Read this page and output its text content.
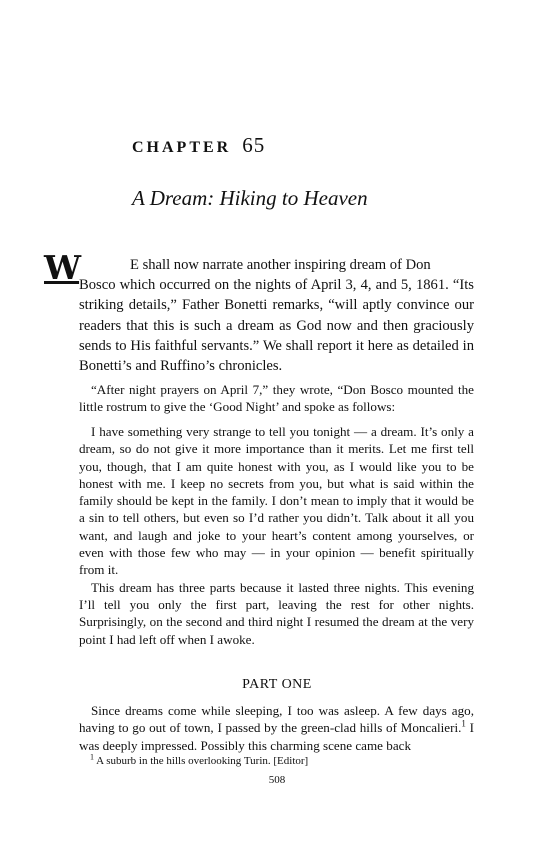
CHAPTER 65
A Dream: Hiking to Heaven
W	E shall now narrate another inspiring dream of Don
Bosco which occurred on the nights of April 3, 4, and 5, 1861. “Its striking details,” Father Bonetti remarks, “will aptly convince our readers that this is such a dream as God now and then graciously sends to His faithful servants.” We shall report it here as detailed in Bonetti’s and Ruffino’s chronicles.

“After night prayers on April 7,” they wrote, “Don Bosco mounted the little rostrum to give the ‘Good Night’ and spoke as follows:

I have something very strange to tell you tonight — a dream. It’s only a dream, so do not give it more importance than it merits. Let me first tell you, though, that I am quite honest with you, as I would like you to be honest with me. I keep no secrets from you, but what is said within the family should be kept in the family. I don’t mean to imply that it would be a sin to tell others, but even so I’d rather you didn’t. Talk about it all you want, and laugh and joke to your heart’s content among yourselves, or even with those few who may — in your opinion — benefit spiritually from it.

This dream has three parts because it lasted three nights. This evening I’ll tell you only the first part, leaving the rest for other nights. Surprisingly, on the second and third night I resumed the dream at the very point I had left off when I awoke.

PART ONE

Since dreams come while sleeping, I too was asleep. A few days ago, having to go out of town, I passed by the green-clad hills of Moncalieri.$^1$ I was deeply impressed. Possibly this charming scene came back

$^1$ A suburb in the hills overlooking Turin. [Editor]
508
